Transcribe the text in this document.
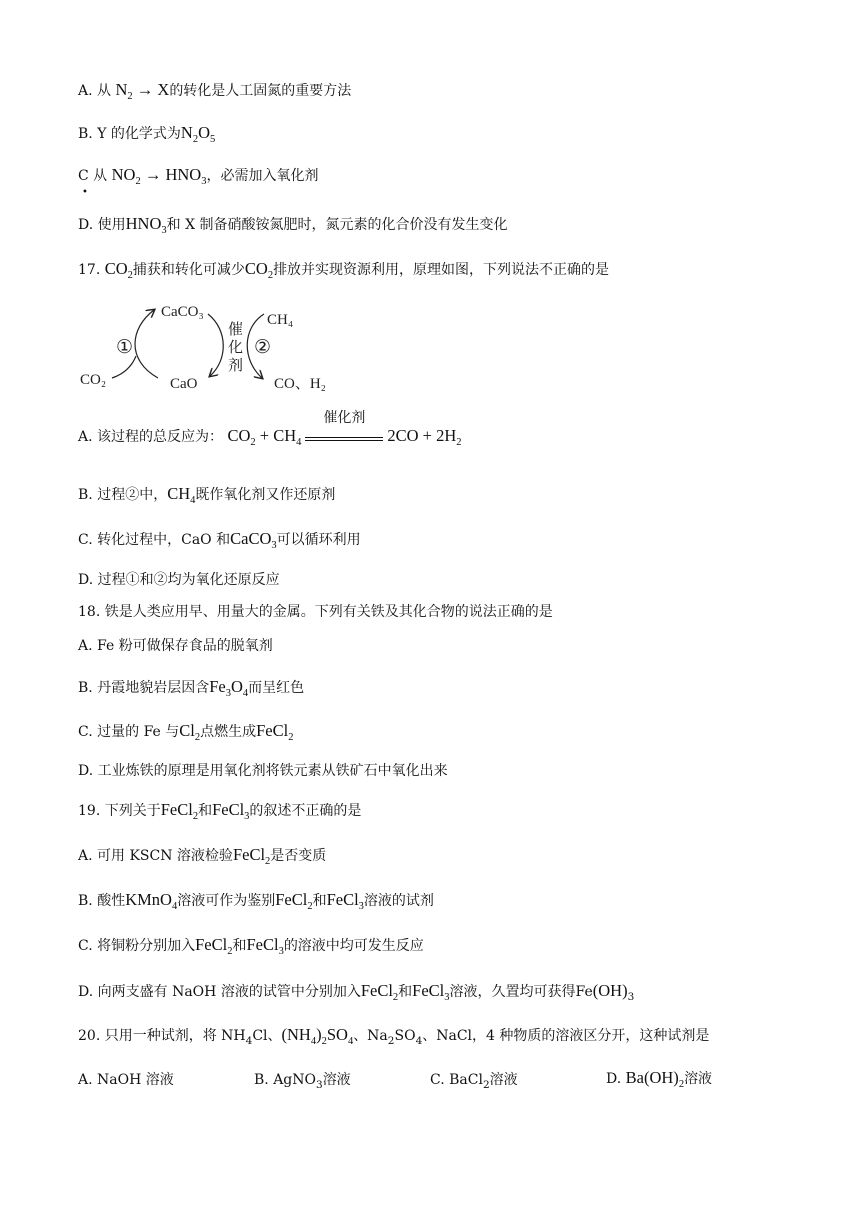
A. 从 $N_2 \to X$的转化是人工固氮的重要方法
B. Y 的化学式为$N_2O_5$
C
•
从 $NO_2 \to HNO_3$，必需加入氧化剂
D. 使用$HNO_3$和 X 制备硝酸铵氮肥时，氮元素的化合价没有发生变化
17. $CO_2$捕获和转化可减少$CO_2$排放并实现资源利用，原理如图，下列说法不正确的是
CaCO₃
CaO
CO₂
CH₄
CO、H₂
①	②
催
化
剂
A. 该过程的总反应为： $CO_2 + CH_4$
催化剂
$2CO + 2H_2$
B. 过程②中，$CH_4$既作氧化剂又作还原剂
C. 转化过程中，CaO 和CaCO$_3$可以循环利用
D. 过程①和②均为氧化还原反应
18. 铁是人类应用早、用量大的金属。下列有关铁及其化合物的说法正确的是
A. Fe 粉可做保存食品的脱氧剂
B. 丹霞地貌岩层因含$Fe_3O_4$而呈红色
C. 过量的 Fe 与$Cl_2$点燃生成FeCl$_2$
D. 工业炼铁的原理是用氧化剂将铁元素从铁矿石中氧化出来
19. 下列关于FeCl$_2$和FeCl$_3$的叙述不正确的是
A. 可用 KSCN 溶液检验FeCl$_2$是否变质
B. 酸性KMnO$_4$溶液可作为鉴别FeCl$_2$和FeCl$_3$溶液的试剂
C. 将铜粉分别加入FeCl$_2$和FeCl$_3$的溶液中均可发生反应
D. 向两支盛有 NaOH 溶液的试管中分别加入FeCl$_2$和FeCl$_3$溶液，久置均可获得$Fe(OH)_3$
20. 只用一种试剂，将 $NH_4Cl$、$(NH_4)_2SO_4$、$Na_2SO_4$、NaCl，4 种物质的溶液区分开，这种试剂是
A. NaOH 溶液	B. AgNO$_3$溶液	C. BaCl$_2$溶液	D. $Ba(OH)_2$溶液
